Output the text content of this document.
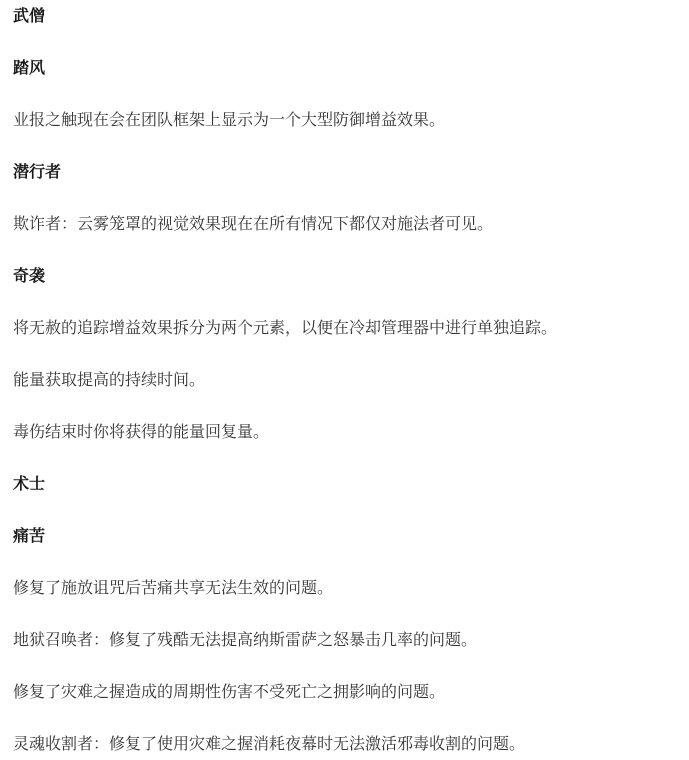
武僧
踏风
业报之触现在会在团队框架上显示为一个大型防御增益效果。
潜行者
欺诈者：云雾笼罩的视觉效果现在在所有情况下都仅对施法者可见。
奇袭
将无赦的追踪增益效果拆分为两个元素，以便在冷却管理器中进行单独追踪。
能量获取提高的持续时间。
毒伤结束时你将获得的能量回复量。
术士
痛苦
修复了施放诅咒后苦痛共享无法生效的问题。
地狱召唤者：修复了残酷无法提高纳斯雷萨之怒暴击几率的问题。
修复了灾难之握造成的周期性伤害不受死亡之拥影响的问题。
灵魂收割者：修复了使用灾难之握消耗夜幕时无法激活邪毒收割的问题。
